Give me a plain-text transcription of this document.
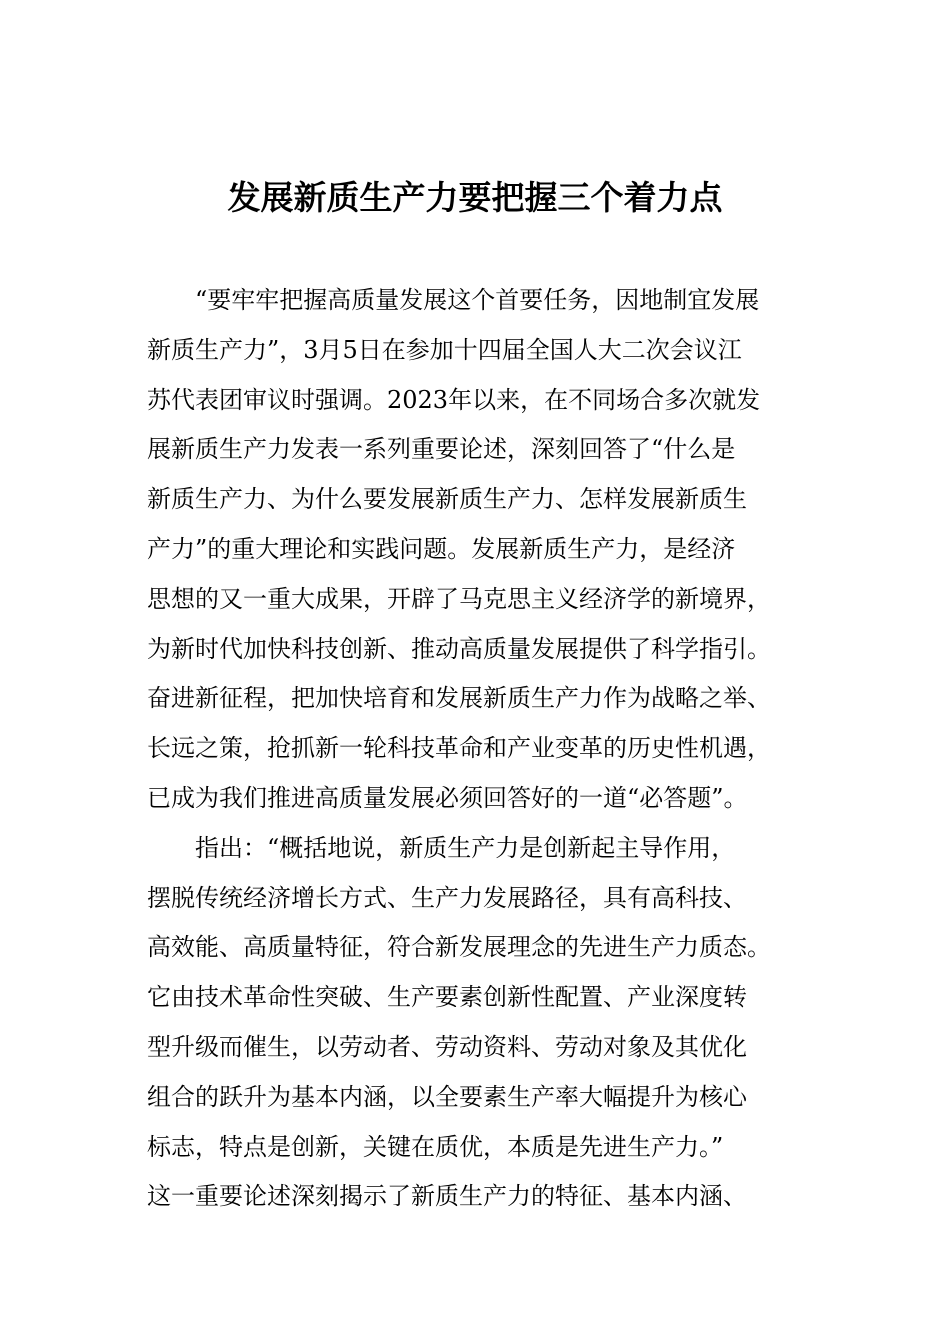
发展新质生产力要把握三个着力点
“要牢牢把握高质量发展这个首要任务，因地制宜发展
新质生产力”，3月5日在参加十四届全国人大二次会议江
苏代表团审议时强调。2023年以来，在不同场合多次就发
展新质生产力发表一系列重要论述，深刻回答了“什么是
新质生产力、为什么要发展新质生产力、怎样发展新质生
产力”的重大理论和实践问题。发展新质生产力，是经济
思想的又一重大成果，开辟了马克思主义经济学的新境界，
为新时代加快科技创新、推动高质量发展提供了科学指引。
奋进新征程，把加快培育和发展新质生产力作为战略之举、
长远之策，抢抓新一轮科技革命和产业变革的历史性机遇，
已成为我们推进高质量发展必须回答好的一道“必答题”。
指出：“概括地说，新质生产力是创新起主导作用，
摆脱传统经济增长方式、生产力发展路径，具有高科技、
高效能、高质量特征，符合新发展理念的先进生产力质态。
它由技术革命性突破、生产要素创新性配置、产业深度转
型升级而催生，以劳动者、劳动资料、劳动对象及其优化
组合的跃升为基本内涵，以全要素生产率大幅提升为核心
标志，特点是创新，关键在质优，本质是先进生产力。”
这一重要论述深刻揭示了新质生产力的特征、基本内涵、
